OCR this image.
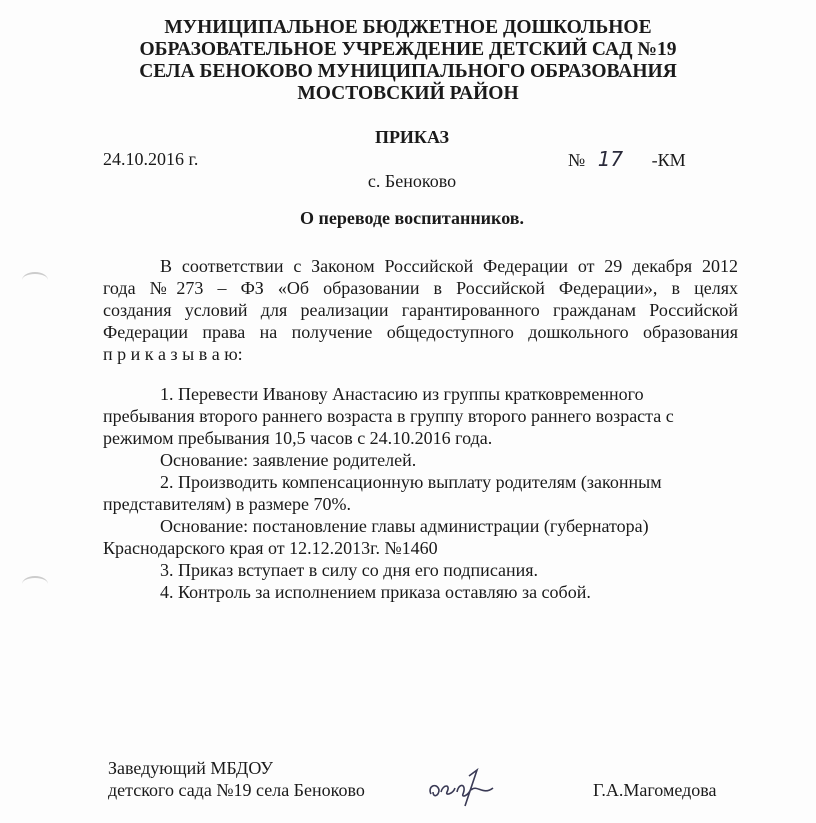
МУНИЦИПАЛЬНОЕ БЮДЖЕТНОЕ ДОШКОЛЬНОЕ
ОБРАЗОВАТЕЛЬНОЕ УЧРЕЖДЕНИЕ ДЕТСКИЙ САД №19
СЕЛА БЕНОКОВО МУНИЦИПАЛЬНОГО ОБРАЗОВАНИЯ
МОСТОВСКИЙ РАЙОН
ПРИКАЗ
24.10.2016 г.	№ 17 -КМ
с. Беноково
О переводе воспитанников.
В соответствии с Законом Российской Федерации от 29 декабря 2012
года №273 – ФЗ «Об образовании в Российской Федерации», в целях
создания условий для реализации гарантированного гражданам Российской
Федерации права на получение общедоступного дошкольного образования
п р и к а з ы в а ю:
1. Перевести Иванову Анастасию из группы кратковременного
пребывания второго раннего возраста в группу второго раннего возраста с
режимом пребывания 10,5 часов с 24.10.2016 года.
Основание: заявление родителей.
2. Производить компенсационную выплату родителям (законным
представителям) в размере 70%.
Основание: постановление главы администрации (губернатора)
Краснодарского края от 12.12.2013г. №1460
3. Приказ вступает в силу со дня его подписания.
4. Контроль за исполнением приказа оставляю за собой.
Заведующий МБДОУ
детского сада №19 села Беноково	Г.А.Магомедова
